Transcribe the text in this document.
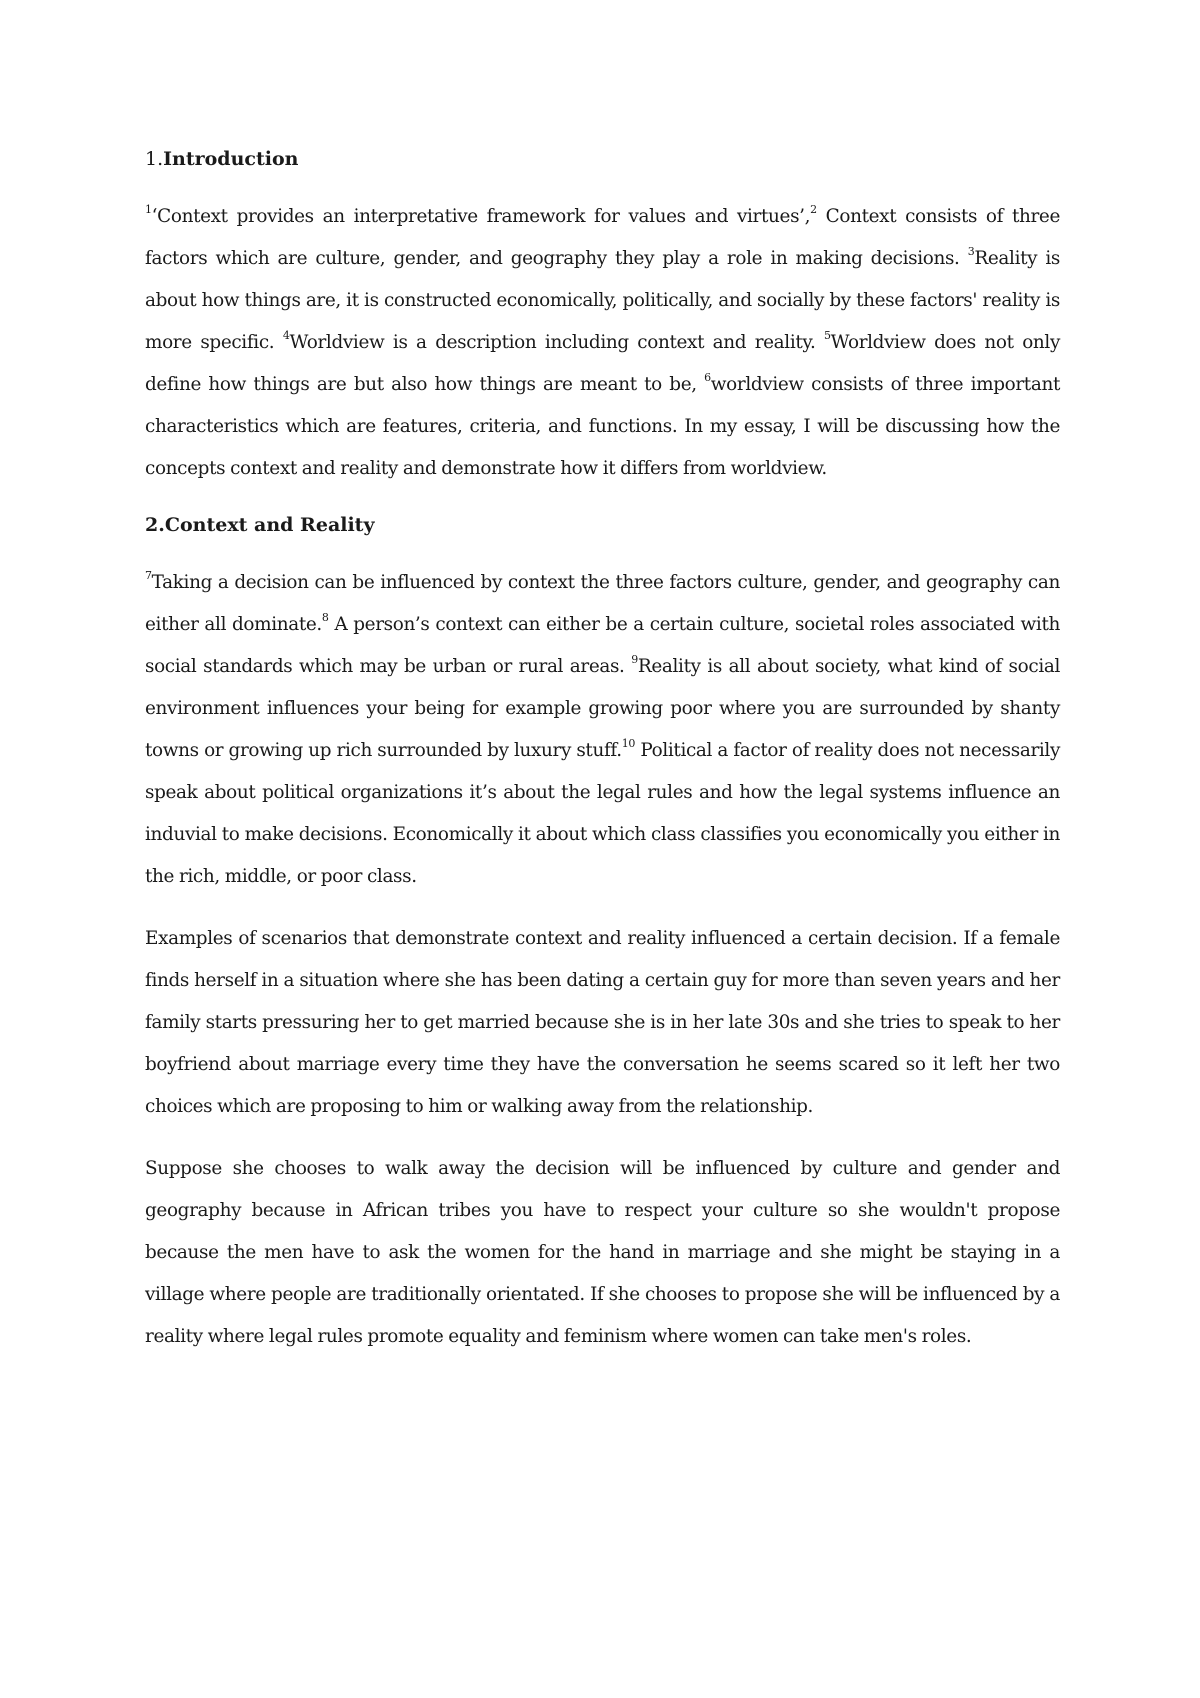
1.Introduction

$^1$‘Context provides an interpretative framework for values and virtues’,$^2$ Context consists of three factors which are culture, gender, and geography they play a role in making decisions. $^3$Reality is about how things are, it is constructed economically, politically, and socially by these factors' reality is more specific. $^4$Worldview is a description including context and reality. $^5$Worldview does not only define how things are but also how things are meant to be, $^6$worldview consists of three important characteristics which are features, criteria, and functions. In my essay, I will be discussing how the concepts context and reality and demonstrate how it differs from worldview.

2.Context and Reality

$^7$Taking a decision can be influenced by context the three factors culture, gender, and geography can either all dominate.$^8$ A person’s context can either be a certain culture, societal roles associated with social standards which may be urban or rural areas. $^9$Reality is all about society, what kind of social environment influences your being for example growing poor where you are surrounded by shanty towns or growing up rich surrounded by luxury stuff.$^{10}$ Political a factor of reality does not necessarily speak about political organizations it’s about the legal rules and how the legal systems influence an induvial to make decisions. Economically it about which class classifies you economically you either in the rich, middle, or poor class.

Examples of scenarios that demonstrate context and reality influenced a certain decision. If a female finds herself in a situation where she has been dating a certain guy for more than seven years and her family starts pressuring her to get married because she is in her late 30s and she tries to speak to her boyfriend about marriage every time they have the conversation he seems scared so it left her two choices which are proposing to him or walking away from the relationship.

Suppose she chooses to walk away the decision will be influenced by culture and gender and geography because in African tribes you have to respect your culture so she wouldn't propose because the men have to ask the women for the hand in marriage and she might be staying in a village where people are traditionally orientated. If she chooses to propose she will be influenced by a reality where legal rules promote equality and feminism where women can take men's roles.
